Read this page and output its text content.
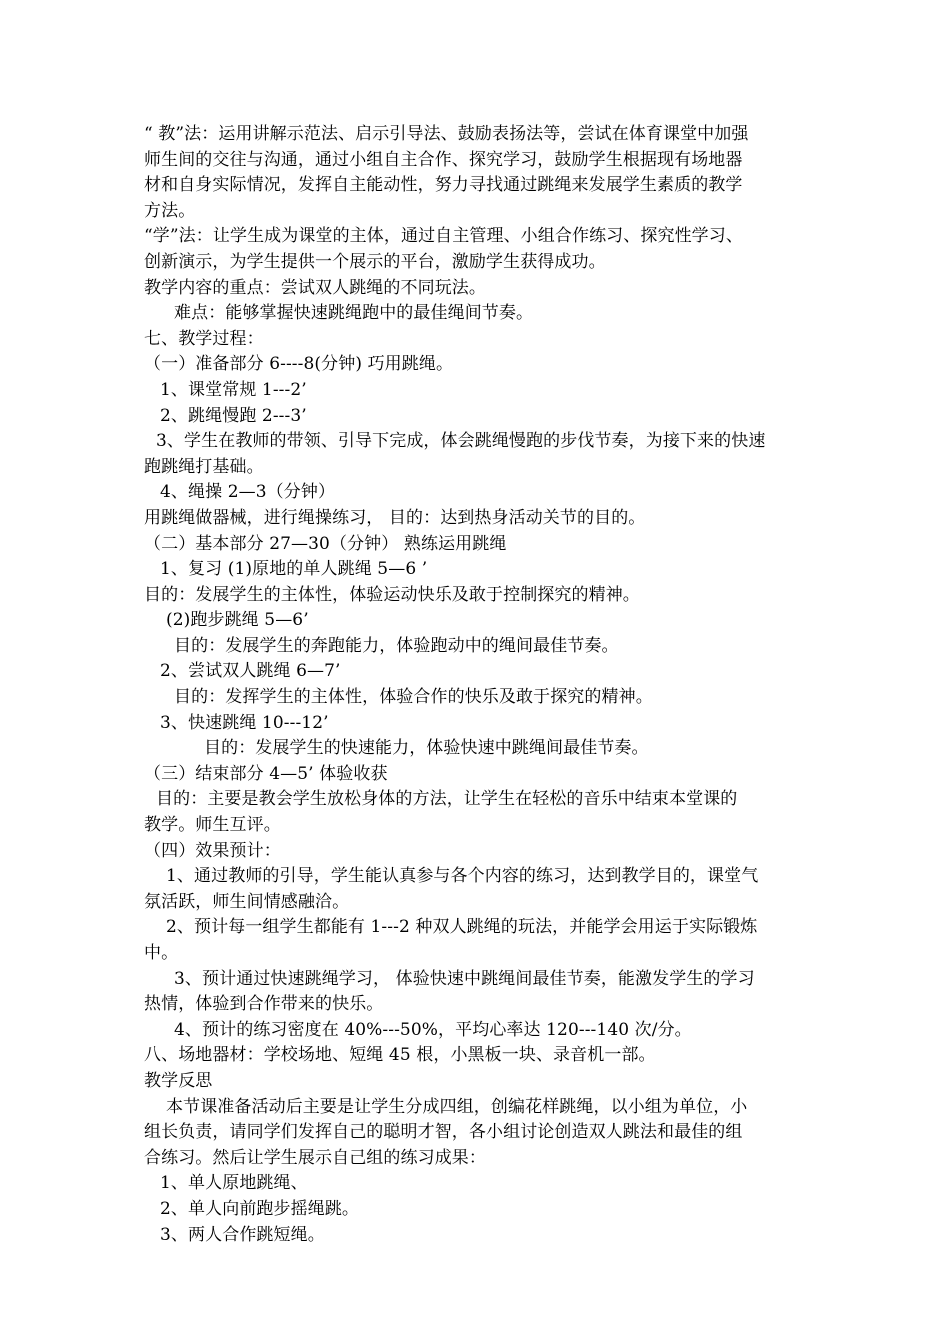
“ 教”法：运用讲解示范法、启示引导法、鼓励表扬法等，尝试在体育课堂中加强
师生间的交往与沟通，通过小组自主合作、探究学习，鼓励学生根据现有场地器
材和自身实际情况，发挥自主能动性，努力寻找通过跳绳来发展学生素质的教学
方法。
“学”法：让学生成为课堂的主体，通过自主管理、小组合作练习、探究性学习、
创新演示，为学生提供一个展示的平台，激励学生获得成功。
教学内容的重点：尝试双人跳绳的不同玩法。
难点：能够掌握快速跳绳跑中的最佳绳间节奏。
七、教学过程：
（一）准备部分 6----8(分钟) 巧用跳绳。
1、课堂常规 1---2’
2、跳绳慢跑 2---3’
3、学生在教师的带领、引导下完成，体会跳绳慢跑的步伐节奏，为接下来的快速
跑跳绳打基础。
4、绳操 2—3（分钟）
用跳绳做器械，进行绳操练习， 目的：达到热身活动关节的目的。
（二）基本部分 27—30（分钟） 熟练运用跳绳
1、复习 (1)原地的单人跳绳 5—6 ’
目的：发展学生的主体性，体验运动快乐及敢于控制探究的精神。
(2)跑步跳绳 5—6’
目的：发展学生的奔跑能力，体验跑动中的绳间最佳节奏。
2、尝试双人跳绳 6—7’
目的：发挥学生的主体性，体验合作的快乐及敢于探究的精神。
3、快速跳绳 10---12’
目的：发展学生的快速能力，体验快速中跳绳间最佳节奏。
（三）结束部分 4—5’ 体验收获
目的：主要是教会学生放松身体的方法，让学生在轻松的音乐中结束本堂课的
教学。师生互评。
（四）效果预计：
1、通过教师的引导，学生能认真参与各个内容的练习，达到教学目的，课堂气
氛活跃，师生间情感融洽。
2、预计每一组学生都能有 1---2 种双人跳绳的玩法，并能学会用运于实际锻炼
中。
3、预计通过快速跳绳学习， 体验快速中跳绳间最佳节奏，能激发学生的学习
热情，体验到合作带来的快乐。
4、预计的练习密度在 40%---50%，平均心率达 120---140 次/分。
八、场地器材：学校场地、短绳 45 根，小黑板一块、录音机一部。
教学反思
本节课准备活动后主要是让学生分成四组，创编花样跳绳，以小组为单位，小
组长负责，请同学们发挥自己的聪明才智，各小组讨论创造双人跳法和最佳的组
合练习。然后让学生展示自己组的练习成果：
1、单人原地跳绳、
2、单人向前跑步摇绳跳。
3、两人合作跳短绳。
